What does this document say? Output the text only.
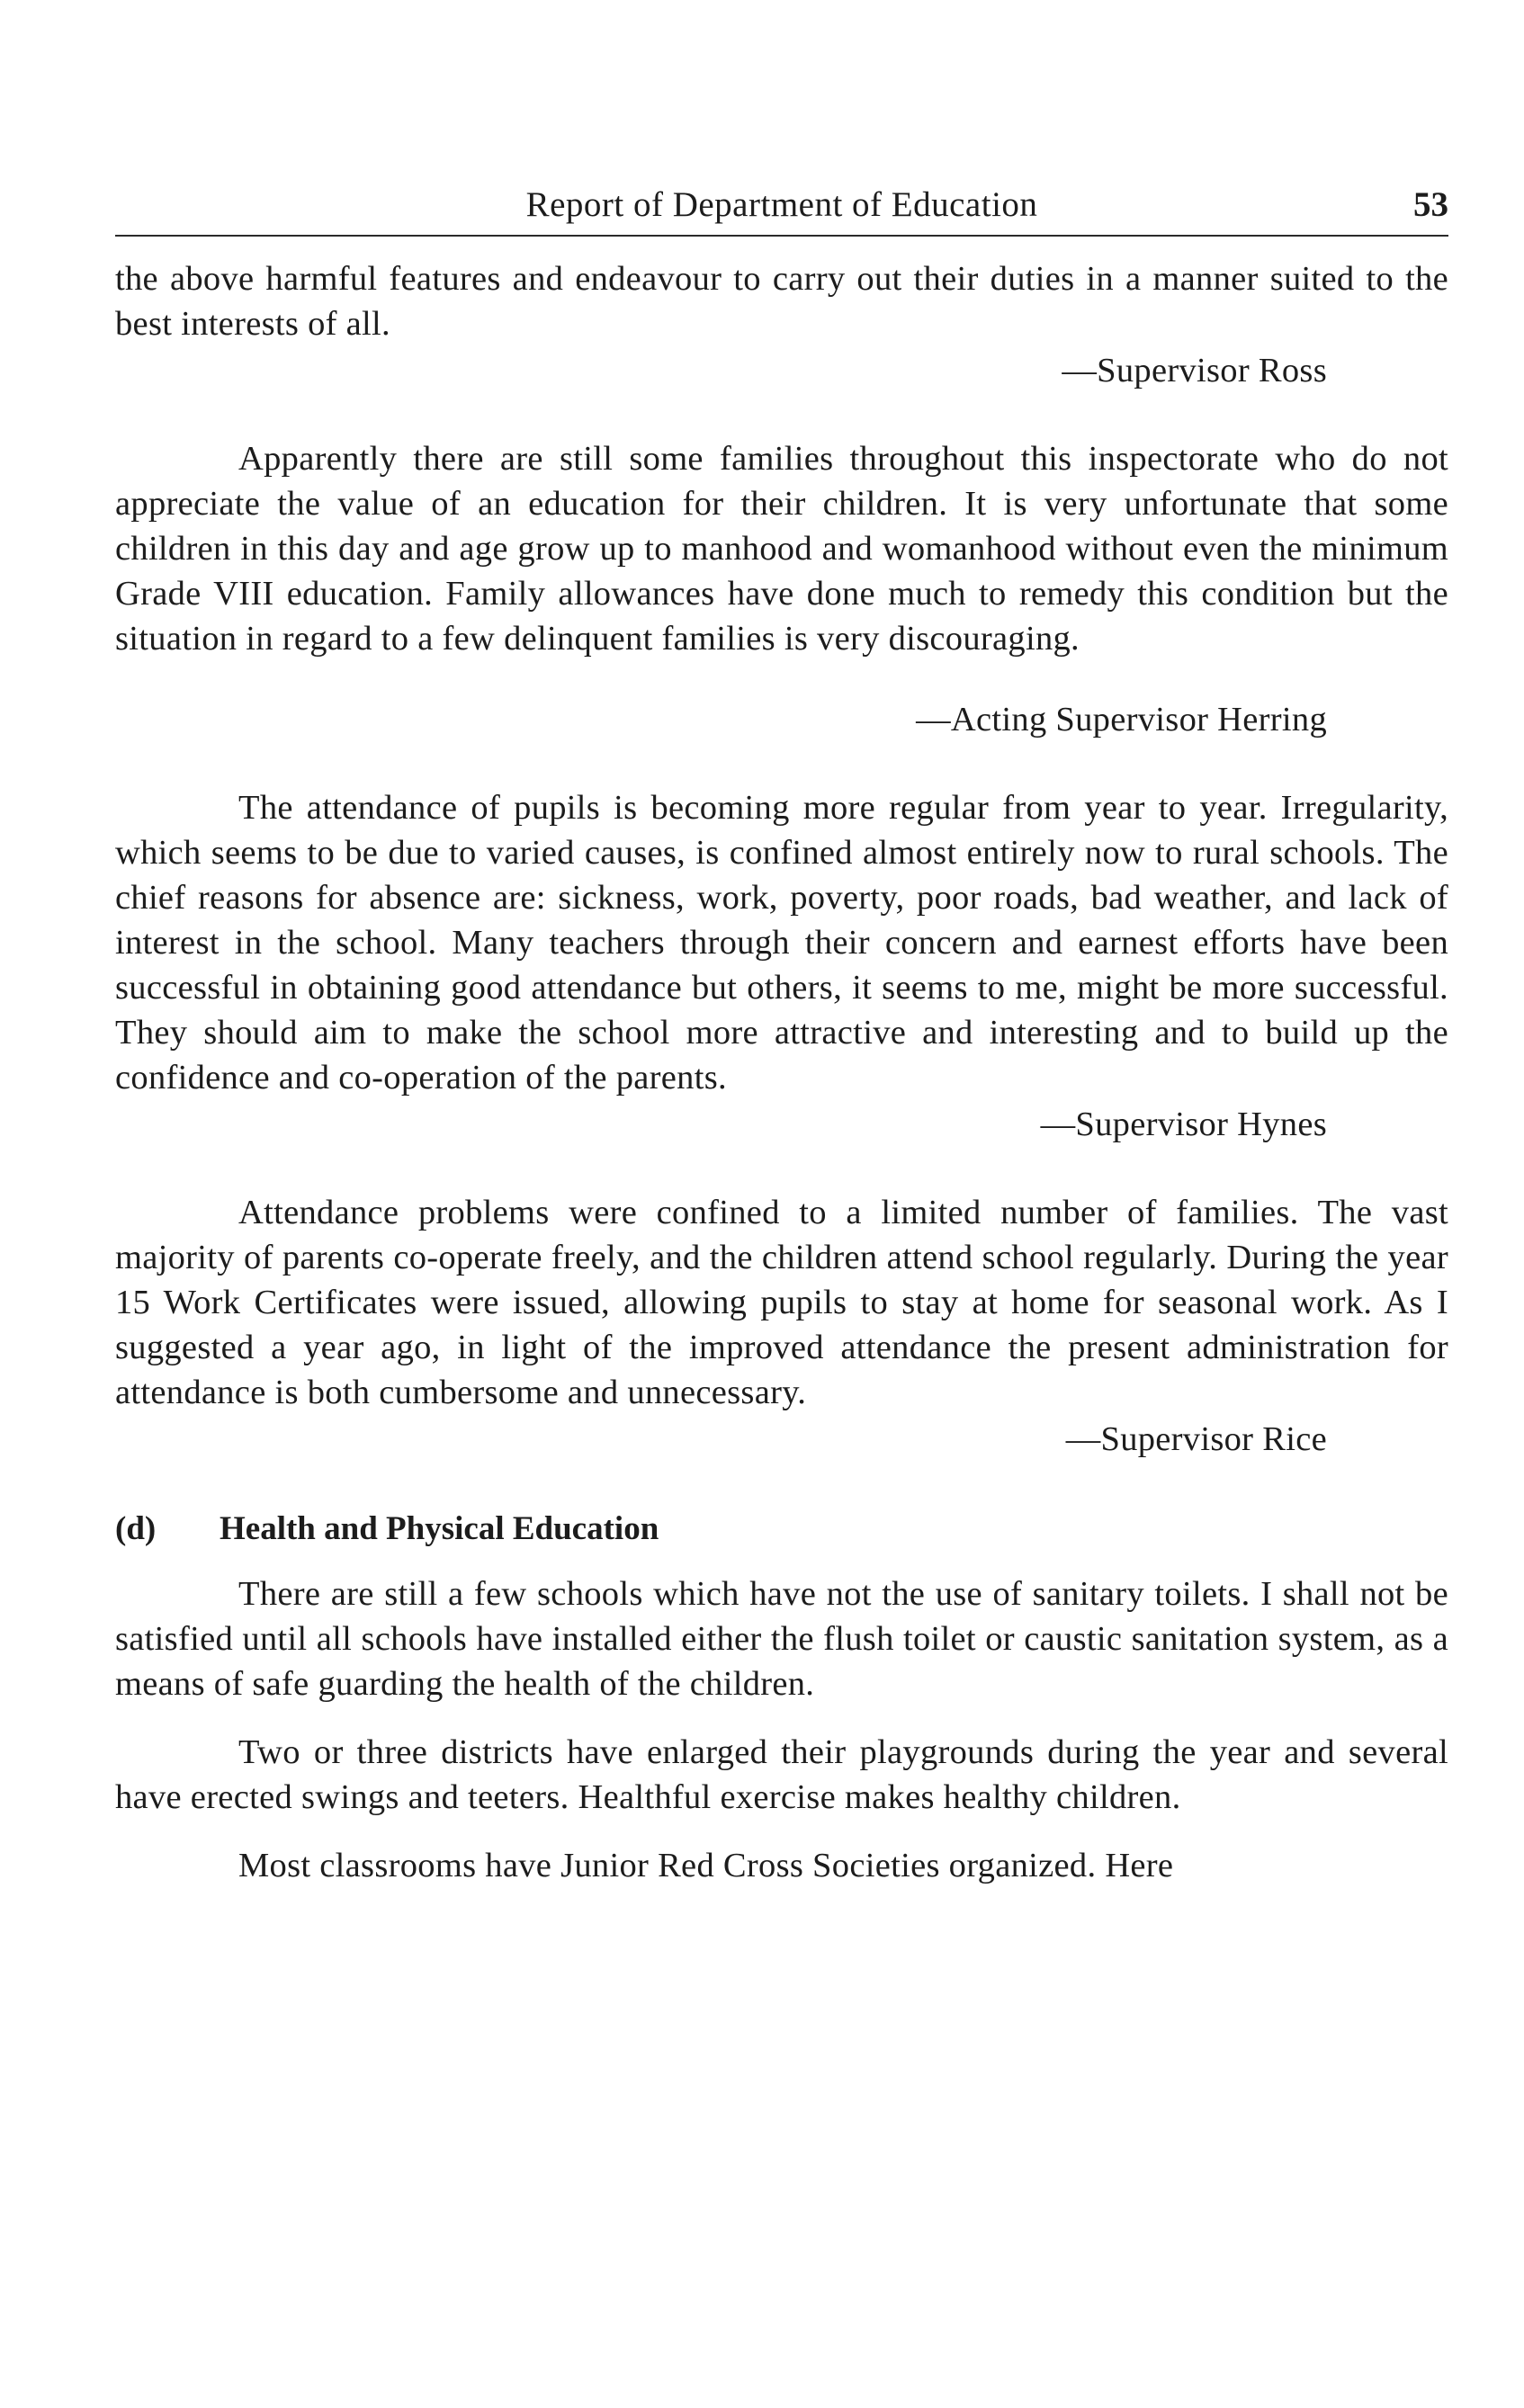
Report of Department of Education	53

the above harmful features and endeavour to carry out their duties in a manner suited to the best interests of all.

—Supervisor Ross

Apparently there are still some families throughout this inspectorate who do not appreciate the value of an education for their children. It is very unfortunate that some children in this day and age grow up to manhood and womanhood without even the minimum Grade VIII education. Family allowances have done much to remedy this condition but the situation in regard to a few delinquent families is very discouraging.

—Acting Supervisor Herring

The attendance of pupils is becoming more regular from year to year. Irregularity, which seems to be due to varied causes, is confined almost entirely now to rural schools. The chief reasons for absence are: sickness, work, poverty, poor roads, bad weather, and lack of interest in the school. Many teachers through their concern and earnest efforts have been successful in obtaining good attendance but others, it seems to me, might be more successful. They should aim to make the school more attractive and interesting and to build up the confidence and co-operation of the parents.

—Supervisor Hynes

Attendance problems were confined to a limited number of families. The vast majority of parents co-operate freely, and the children attend school regularly. During the year 15 Work Certificates were issued, allowing pupils to stay at home for seasonal work. As I suggested a year ago, in light of the improved attendance the present administration for attendance is both cumbersome and unnecessary.

—Supervisor Rice
(d)	Health and Physical Education

There are still a few schools which have not the use of sanitary toilets. I shall not be satisfied until all schools have installed either the flush toilet or caustic sanitation system, as a means of safe guarding the health of the children.

Two or three districts have enlarged their playgrounds during the year and several have erected swings and teeters. Healthful exercise makes healthy children.

Most classrooms have Junior Red Cross Societies organized. Here
